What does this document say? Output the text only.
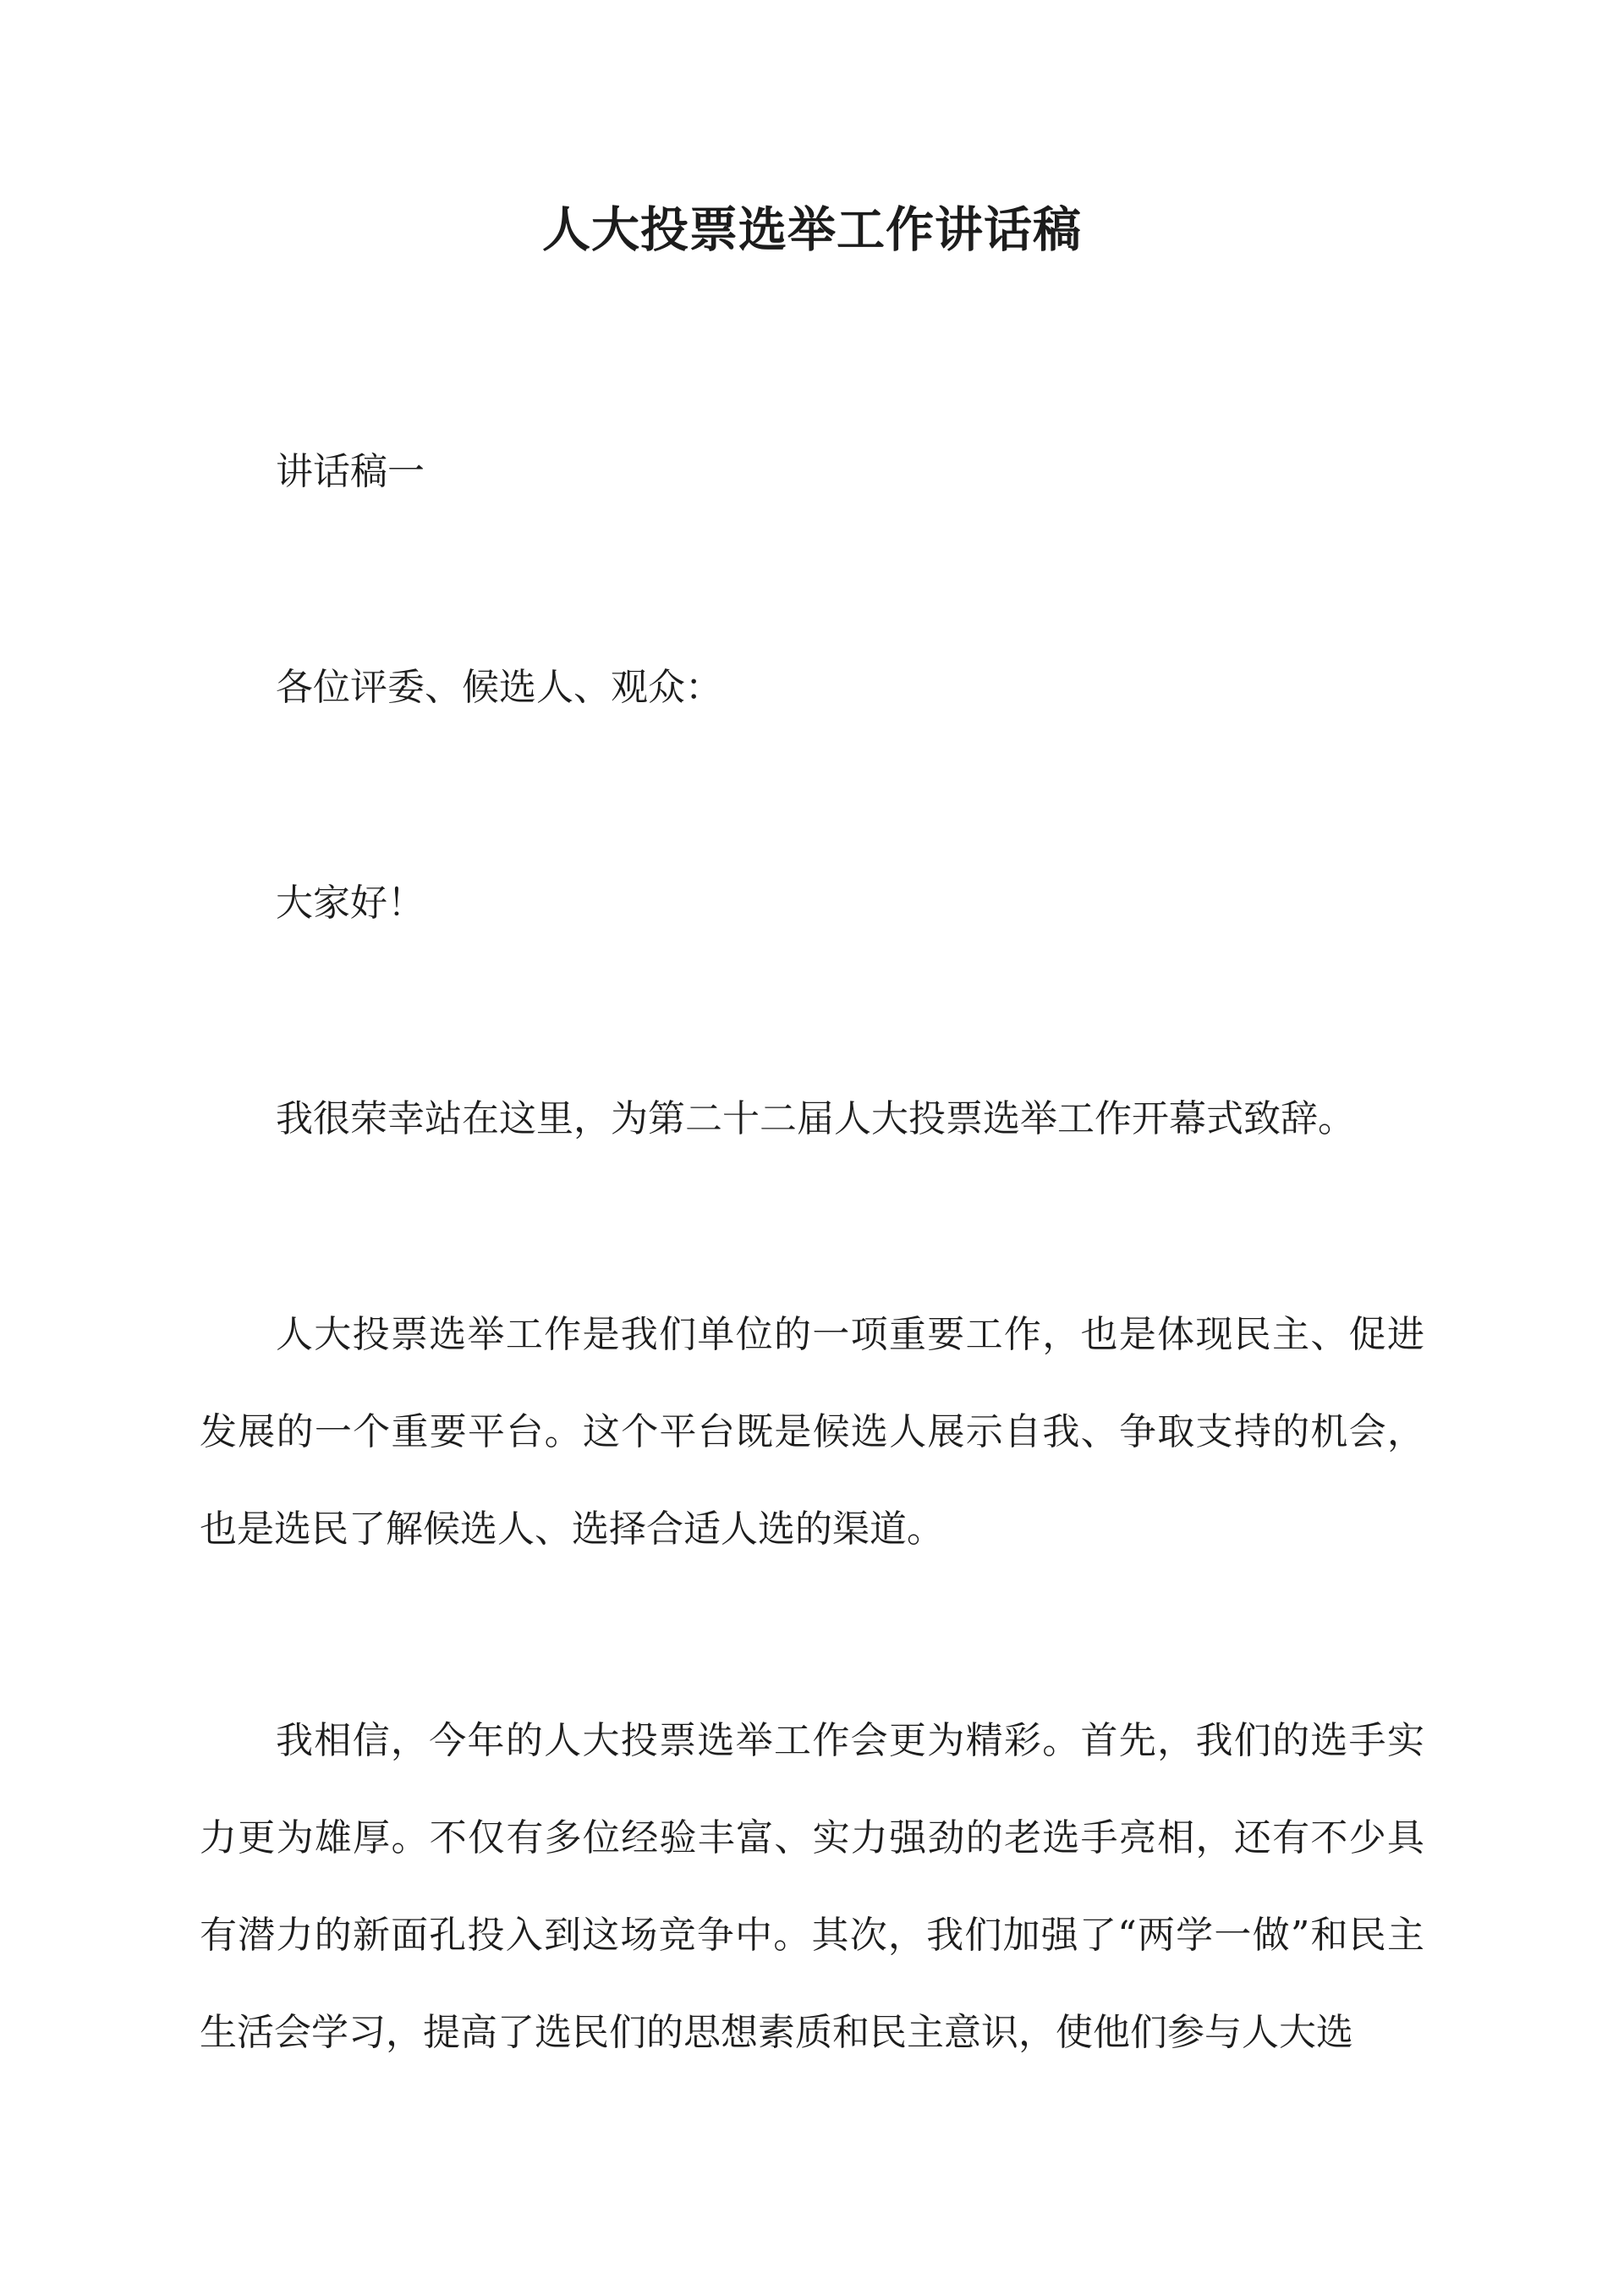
人大投票选举工作讲话稿

讲话稿一

各位评委、候选人、观众：

大家好！

我很荣幸站在这里，为第二十二届人大投票选举工作开幕式致辞。

人大投票选举工作是我们单位的一项重要工作，也是体现民主、促进发展的一个重要平台。这个平台既是候选人展示自我、争取支持的机会，也是选民了解候选人、选择合适人选的渠道。

我相信，今年的人大投票选举工作会更为精彩。首先，我们的选手实力更为雄厚。不仅有多位经验丰富、实力强劲的老选手亮相，还有不少具有潜力的新面孔投入到这场竞争中。其次，我们加强了“两学一做”和民主生活会学习，提高了选民们的思想素质和民主意识，使他们参与人大选
